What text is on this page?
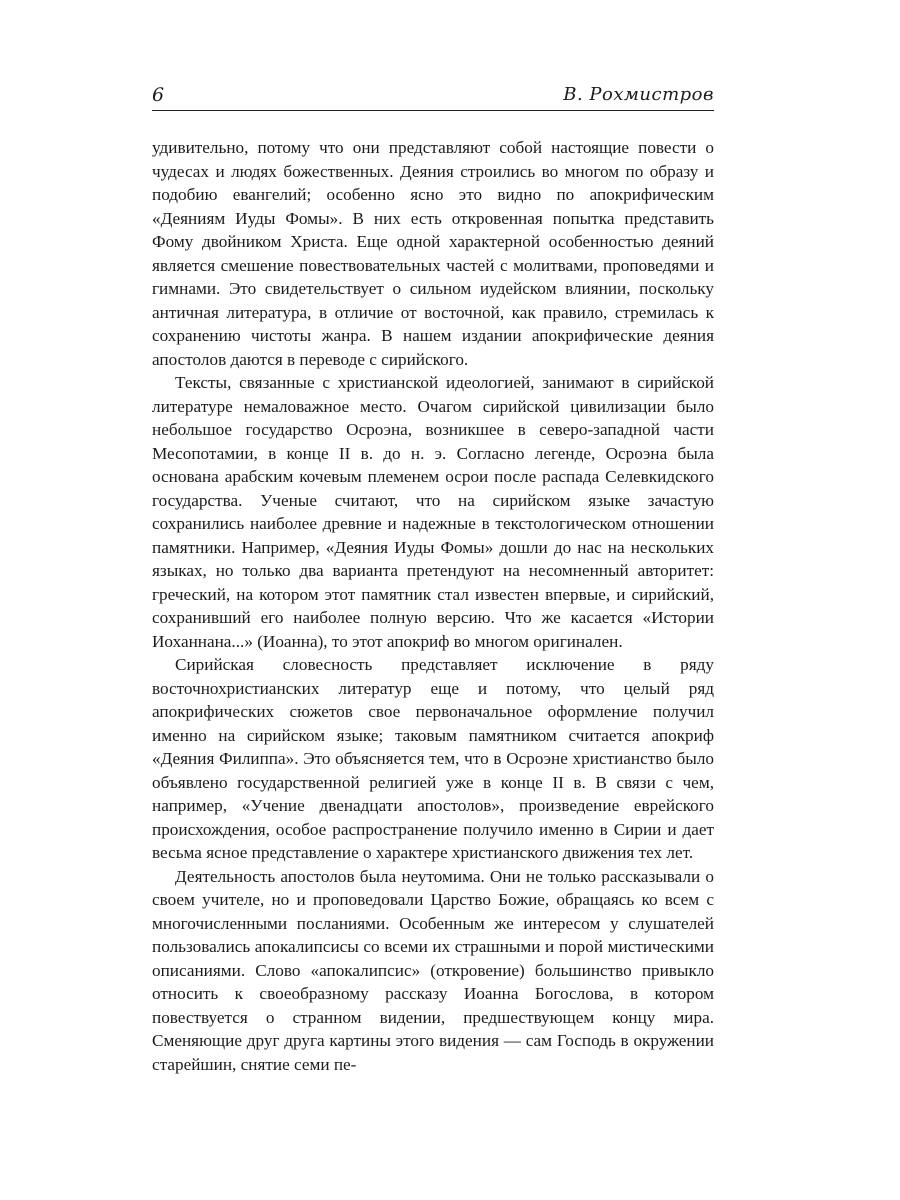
6	В. Рохмистров

удивительно, потому что они представляют собой настоящие повести о чудесах и людях божественных. Деяния строились во многом по образу и подобию евангелий; особенно ясно это видно по апокрифическим «Деяниям Иуды Фомы». В них есть откровенная попытка представить Фому двойником Христа. Еще одной характерной особенностью деяний является смешение повествовательных частей с молитвами, проповедями и гимнами. Это свидетельствует о сильном иудейском влиянии, поскольку античная литература, в отличие от восточной, как правило, стремилась к сохранению чистоты жанра. В нашем издании апокрифические деяния апостолов даются в переводе с сирийского.

Тексты, связанные с христианской идеологией, занимают в сирийской литературе немаловажное место. Очагом сирийской цивилизации было небольшое государство Осроэна, возникшее в северо-западной части Месопотамии, в конце II в. до н. э. Согласно легенде, Осроэна была основана арабским кочевым племенем осрои после распада Селевкидского государства. Ученые считают, что на сирийском языке зачастую сохранились наиболее древние и надежные в текстологическом отношении памятники. Например, «Деяния Иуды Фомы» дошли до нас на нескольких языках, но только два варианта претендуют на несомненный авторитет: греческий, на котором этот памятник стал известен впервые, и сирийский, сохранивший его наиболее полную версию. Что же касается «Истории Иоханнана...» (Иоанна), то этот апокриф во многом оригинален.

Сирийская словесность представляет исключение в ряду восточнохристианских литератур еще и потому, что целый ряд апокрифических сюжетов свое первоначальное оформление получил именно на сирийском языке; таковым памятником считается апокриф «Деяния Филиппа». Это объясняется тем, что в Осроэне христианство было объявлено государственной религией уже в конце II в. В связи с чем, например, «Учение двенадцати апостолов», произведение еврейского происхождения, особое распространение получило именно в Сирии и дает весьма ясное представление о характере христианского движения тех лет.

Деятельность апостолов была неутомима. Они не только рассказывали о своем учителе, но и проповедовали Царство Божие, обращаясь ко всем с многочисленными посланиями. Особенным же интересом у слушателей пользовались апокалипсисы со всеми их страшными и порой мистическими описаниями. Слово «апокалипсис» (откровение) большинство привыкло относить к своеобразному рассказу Иоанна Богослова, в котором повествуется о странном видении, предшествующем концу мира. Сменяющие друг друга картины этого видения — сам Господь в окружении старейшин, снятие семи пе-
